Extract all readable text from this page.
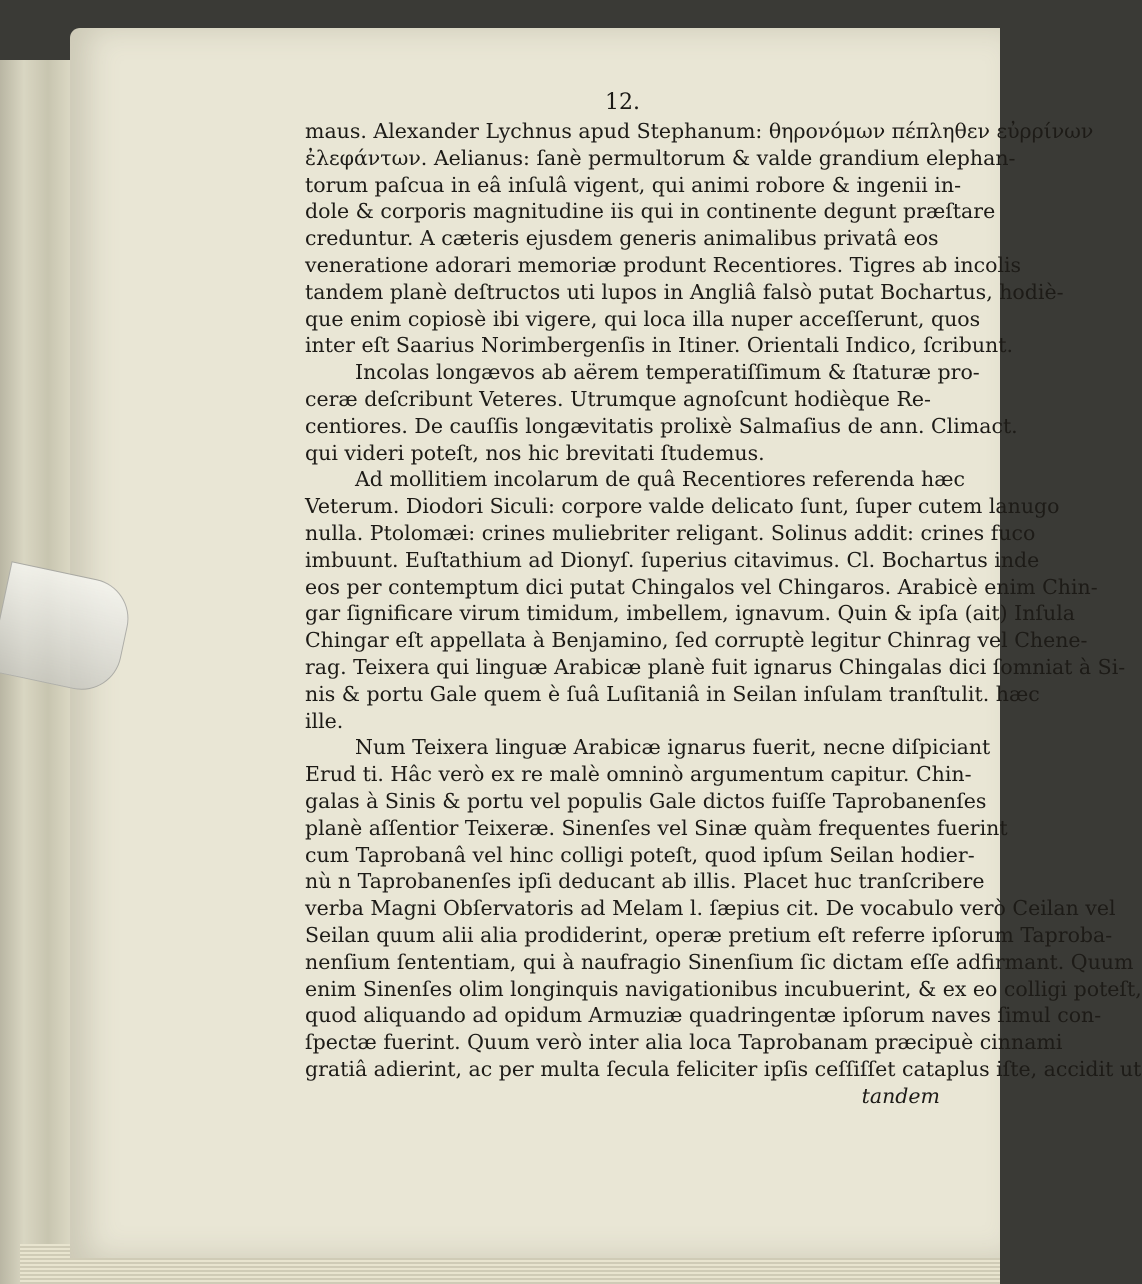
12.
maus. Alexander Lychnus apud Stephanum: θηρονόμων πέπληθεν εὐρρίνων
ἐλεφάντων. Aelianus: ſanè permultorum & valde grandium elephan-
torum paſcua in eâ inſulâ vigent, qui animi robore & ingenii in-
dole & corporis magnitudine iis qui in continente degunt præſtare
creduntur. A cæteris ejusdem generis animalibus privatâ eos
veneratione adorari memoriæ produnt Recentiores. Tigres ab incolis
tandem planè deſtructos uti lupos in Angliâ falsò putat Bochartus, hodiè-
que enim copiosè ibi vigere, qui loca illa nuper acceſſerunt, quos
inter eſt Saarius Norimbergenſis in Itiner. Orientali Indico, ſcribunt.
Incolas longævos ab aërem temperatiſſimum & ſtaturæ pro-
ceræ deſcribunt Veteres. Utrumque agnoſcunt hodièque Re-
centiores. De cauſſis longævitatis prolixè Salmaſius de ann. Climact.
qui videri poteſt, nos hic brevitati ſtudemus.
Ad mollitiem incolarum de quâ Recentiores referenda hæc
Veterum. Diodori Siculi: corpore valde delicato ſunt, ſuper cutem lanugo
nulla. Ptolomæi: crines muliebriter religant. Solinus addit: crines fuco
imbuunt. Euſtathium ad Dionyſ. ſuperius citavimus. Cl. Bochartus inde
eos per contemptum dici putat Chingalos vel Chingaros. Arabicè enim Chin-
gar ſignificare virum timidum, imbellem, ignavum. Quin & ipſa (ait) Inſula
Chingar eſt appellata à Benjamino, ſed corruptè legitur Chinrag vel Chene-
rag. Teixera qui linguæ Arabicæ planè fuit ignarus Chingalas dici ſomniat à Si-
nis & portu Gale quem è ſuâ Luſitaniâ in Seilan inſulam tranſtulit. hæc
ille.
Num Teixera linguæ Arabicæ ignarus fuerit, necne diſpiciant
Erud ti. Hâc verò ex re malè omninò argumentum capitur. Chin-
galas à Sinis & portu vel populis Gale dictos fuiſſe Taprobanenſes
planè aſſentior Teixeræ. Sinenſes vel Sinæ quàm frequentes fuerint
cum Taprobanâ vel hinc colligi poteſt, quod ipſum Seilan hodier-
nù n Taprobanenſes ipſi deducant ab illis. Placet huc tranſcribere
verba Magni Obſervatoris ad Melam l. ſæpius cit. De vocabulo verò Ceilan vel
Seilan quum alii alia prodiderint, operæ pretium eſt referre ipſorum Taproba-
nenſium ſententiam, qui à naufragio Sinenſium ſic dictam eſſe adfirmant. Quum
enim Sinenſes olim longinquis navigationibus incubuerint, & ex eo colligi poteſt,
quod aliquando ad opidum Armuziæ quadringentæ ipſorum naves ſimul con-
ſpectæ fuerint. Quum verò inter alia loca Taprobanam præcipuè cinnami
gratiâ adierint, ac per multa ſecula feliciter ipſis ceſſiſſet cataplus iſte, accidit ut
tandem
